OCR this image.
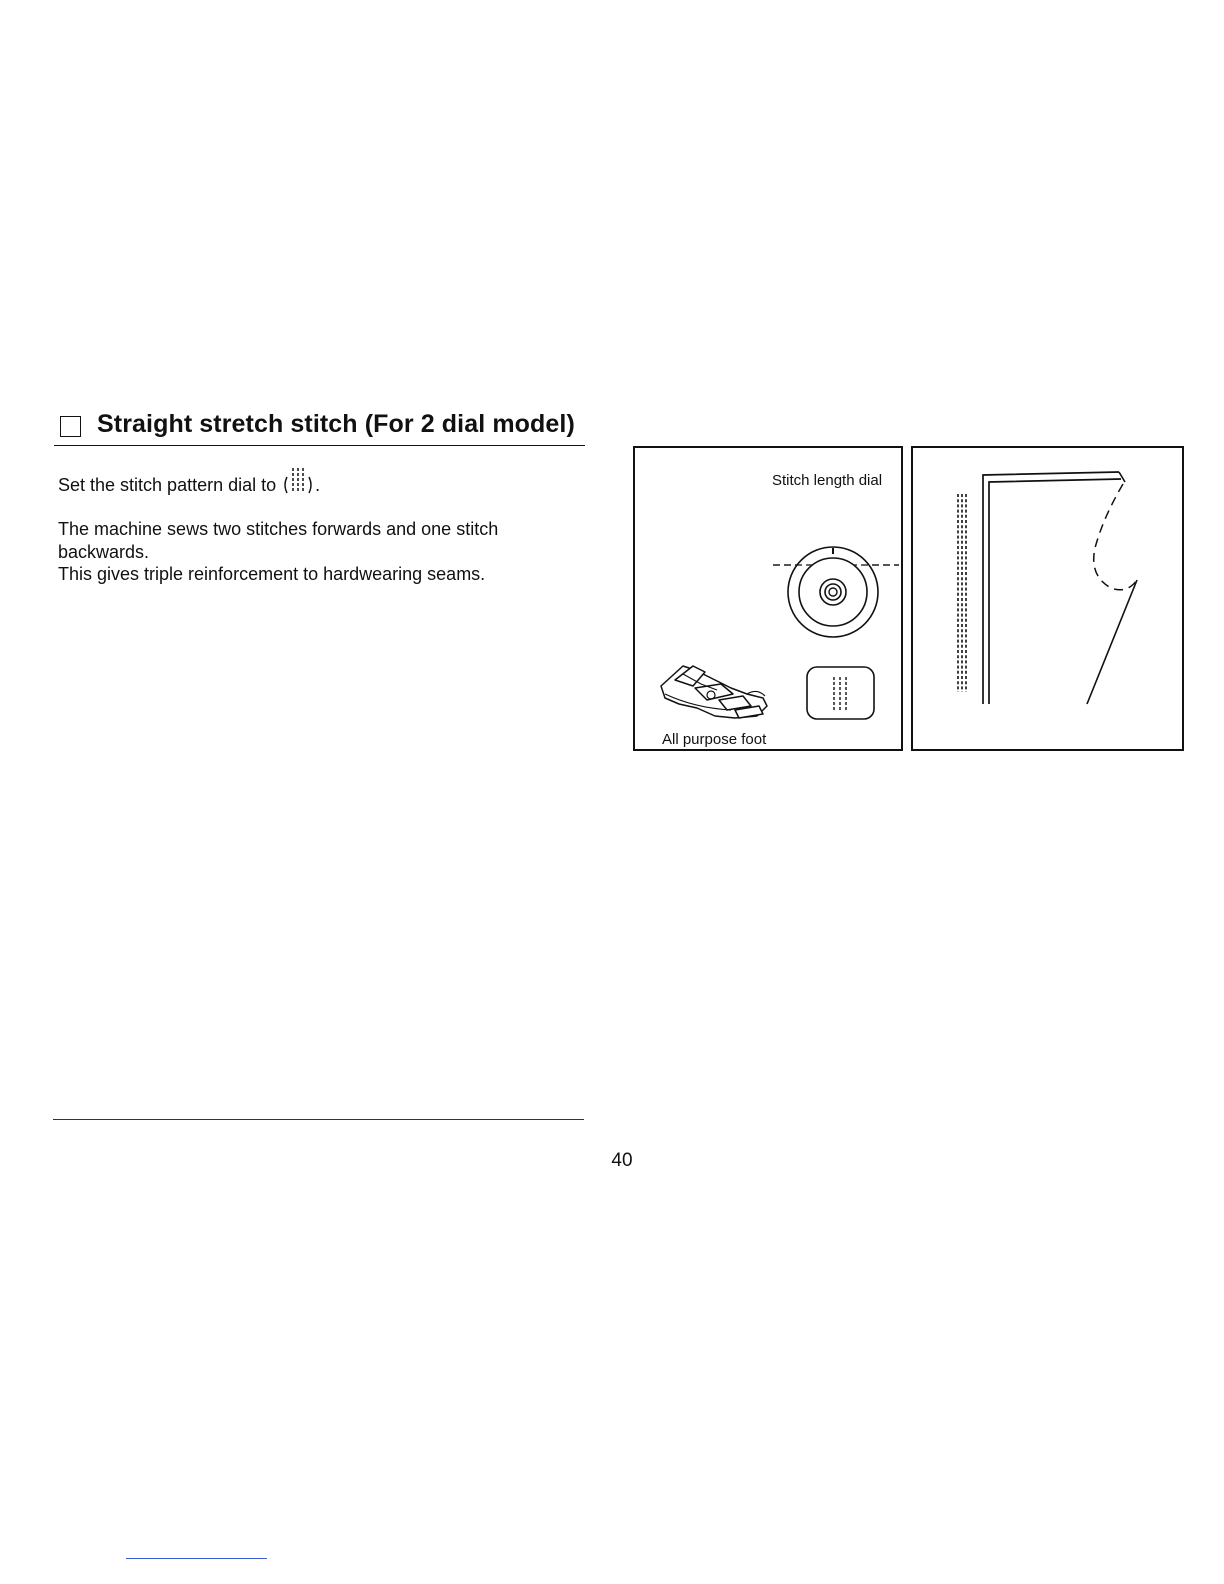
Straight stretch stitch (For 2 dial model)
Set the stitch pattern dial to .
The machine sews two stitches forwards and one stitch
backwards.
This gives triple reinforcement to hardwearing seams.
Stitch length dial
All purpose foot
40
